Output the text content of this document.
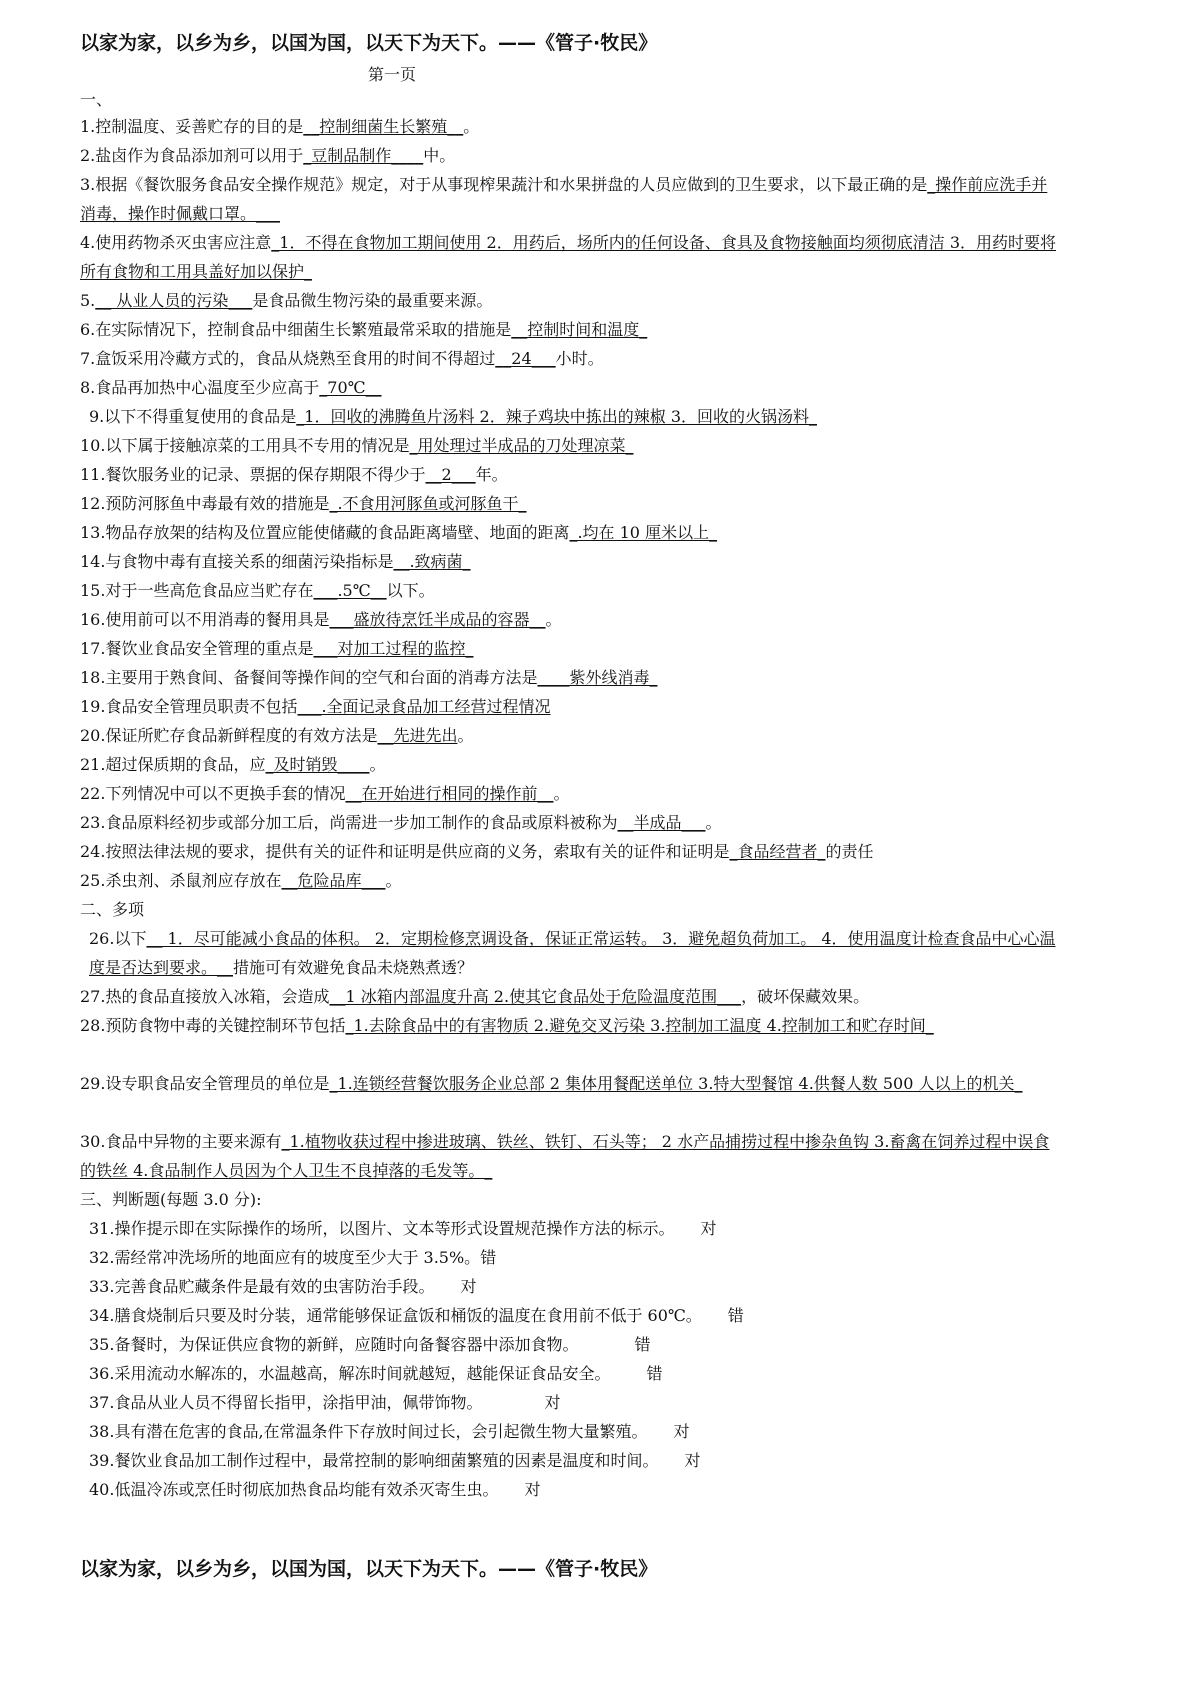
以家为家，以乡为乡，以国为国，以天下为天下。——《管子·牧民》
第一页
一、
1.控制温度、妥善贮存的目的是__控制细菌生长繁殖__。
2.盐卤作为食品添加剂可以用于_豆制品制作____中。
3.根据《餐饮服务食品安全操作规范》规定，对于从事现榨果蔬汁和水果拼盘的人员应做到的卫生要求，以下最正确的是_操作前应洗手并消毒，操作时佩戴口罩。___
4.使用药物杀灭虫害应注意_1．不得在食物加工期间使用 2．用药后，场所内的任何设备、食具及食物接触面均须彻底清洁 3．用药时要将所有食物和工用具盖好加以保护_
5.__ 从业人员的污染___是食品微生物污染的最重要来源。
6.在实际情况下，控制食品中细菌生长繁殖最常采取的措施是__控制时间和温度_
7.盒饭采用冷藏方式的，食品从烧熟至食用的时间不得超过__24___小时。
8.食品再加热中心温度至少应高于_70℃__
9.以下不得重复使用的食品是_1．回收的沸腾鱼片汤料 2．辣子鸡块中拣出的辣椒 3．回收的火锅汤料_
10.以下属于接触凉菜的工用具不专用的情况是_用处理过半成品的刀处理凉菜_
11.餐饮服务业的记录、票据的保存期限不得少于__2___年。
12.预防河豚鱼中毒最有效的措施是_.不食用河豚鱼或河豚鱼干_
13.物品存放架的结构及位置应能使储藏的食品距离墙壁、地面的距离_.均在 10 厘米以上_
14.与食物中毒有直接关系的细菌污染指标是__.致病菌_
15.对于一些高危食品应当贮存在___.5℃__以下。
16.使用前可以不用消毒的餐用具是___盛放待烹饪半成品的容器__。
17.餐饮业食品安全管理的重点是___对加工过程的监控_
18.主要用于熟食间、备餐间等操作间的空气和台面的消毒方法是____紫外线消毒_
19.食品安全管理员职责不包括___.全面记录食品加工经营过程情况
20.保证所贮存食品新鲜程度的有效方法是__先进先出。
21.超过保质期的食品，应_及时销毁____。
22.下列情况中可以不更换手套的情况__在开始进行相同的操作前__。
23.食品原料经初步或部分加工后，尚需进一步加工制作的食品或原料被称为__半成品___。
24.按照法律法规的要求，提供有关的证件和证明是供应商的义务，索取有关的证件和证明是_食品经营者_的责任
25.杀虫剂、杀鼠剂应存放在__危险品库___。
二、多项
26.以下__ 1．尽可能减小食品的体积。 2．定期检修烹调设备，保证正常运转。 3．避免超负荷加工。 4．使用温度计检查食品中心心温度是否达到要求。__措施可有效避免食品未烧熟煮透？
27.热的食品直接放入冰箱，会造成__1 冰箱内部温度升高 2.使其它食品处于危险温度范围___，破坏保藏效果。
28.预防食物中毒的关键控制环节包括_1.去除食品中的有害物质 2.避免交叉污染 3.控制加工温度 4.控制加工和贮存时间_
29.设专职食品安全管理员的单位是_1.连锁经营餐饮服务企业总部 2 集体用餐配送单位 3.特大型餐馆 4.供餐人数 500 人以上的机关_
30.食品中异物的主要来源有_1.植物收获过程中掺进玻璃、铁丝、铁钉、石头等； 2 水产品捕捞过程中掺杂鱼钩 3.畜禽在饲养过程中误食的铁丝 4.食品制作人员因为个人卫生不良掉落的毛发等。_
三、判断题(每题 3.0 分):
31.操作提示即在实际操作的场所，以图片、文本等形式设置规范操作方法的标示。 对
32.需经常冲洗场所的地面应有的坡度至少大于 3.5%。错
33.完善食品贮藏条件是最有效的虫害防治手段。 对
34.膳食烧制后只要及时分装，通常能够保证盒饭和桶饭的温度在食用前不低于 60℃。 错
35.备餐时，为保证供应食物的新鲜，应随时向备餐容器中添加食物。	错
36.采用流动水解冻的，水温越高，解冻时间就越短，越能保证食品安全。 错
37.食品从业人员不得留长指甲，涂指甲油，佩带饰物。	对
38.具有潜在危害的食品,在常温条件下存放时间过长，会引起微生物大量繁殖。 对
39.餐饮业食品加工制作过程中，最常控制的影响细菌繁殖的因素是温度和时间。 对
40.低温冷冻或烹任时彻底加热食品均能有效杀灭寄生虫。 对
以家为家，以乡为乡，以国为国，以天下为天下。——《管子·牧民》
